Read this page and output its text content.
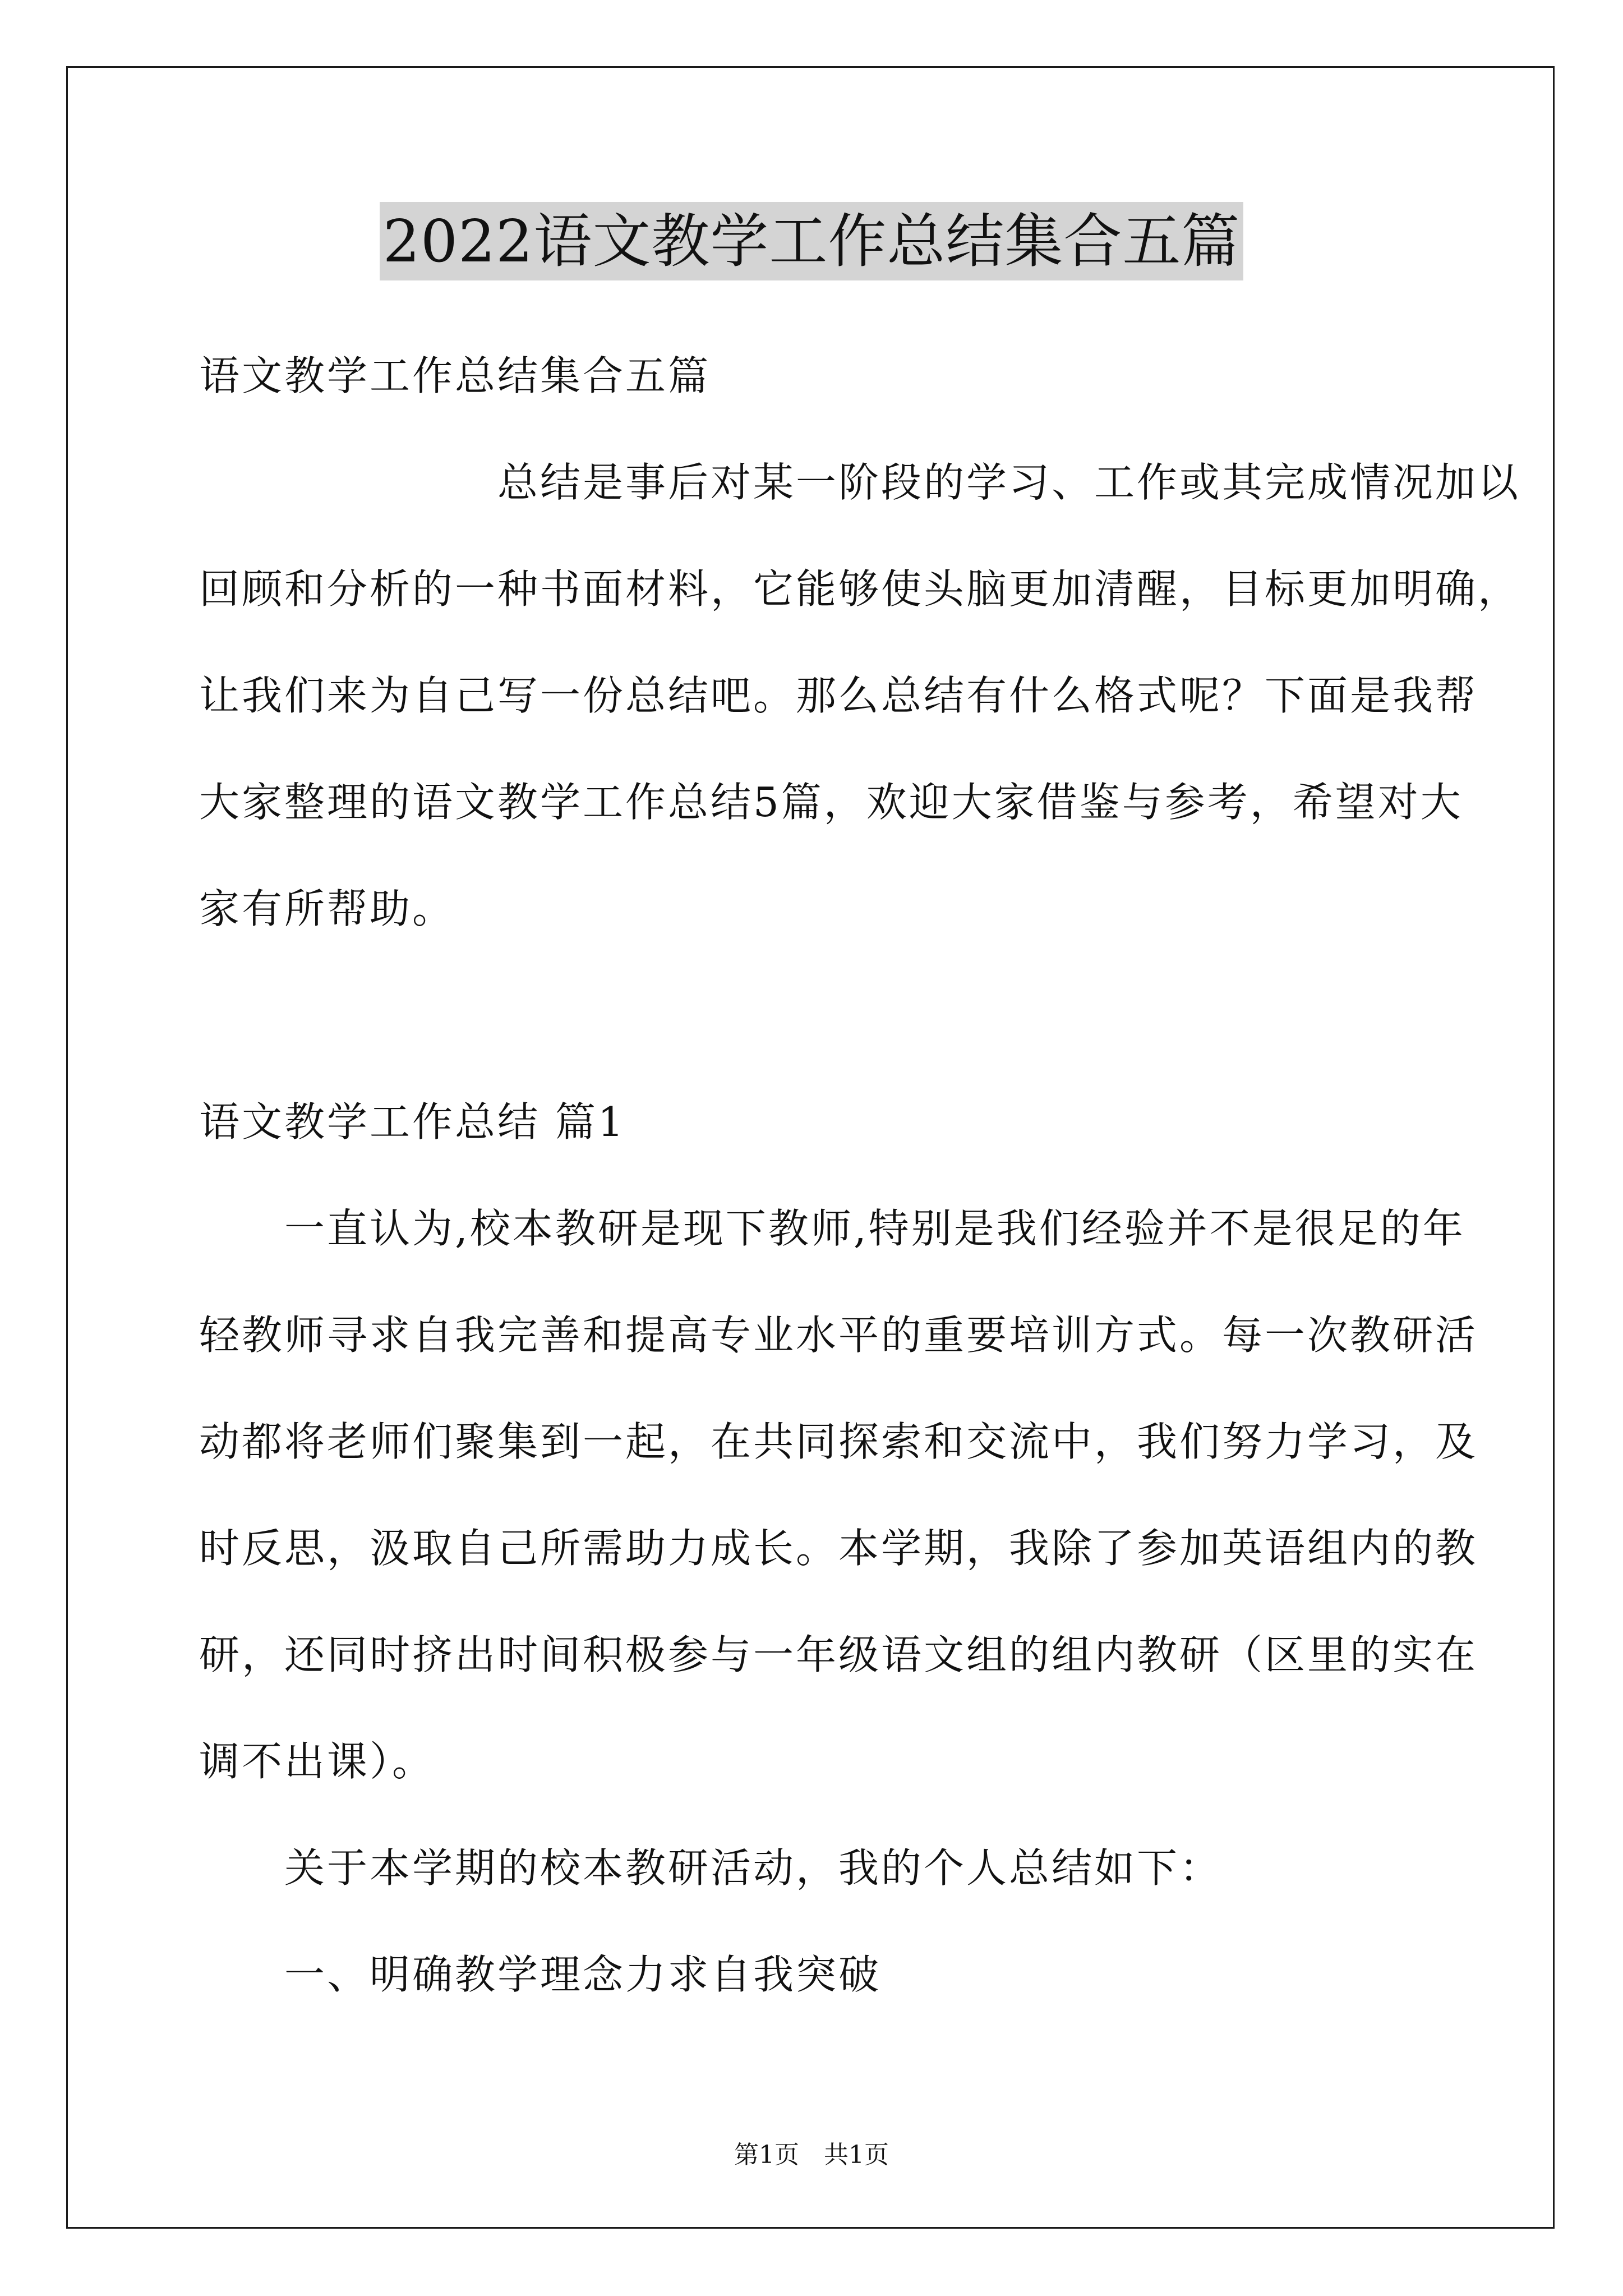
2022语文教学工作总结集合五篇
语文教学工作总结集合五篇
　　　　　　　总结是事后对某一阶段的学习、工作或其完成情况加以
回顾和分析的一种书面材料，它能够使头脑更加清醒，目标更加明确，
让我们来为自己写一份总结吧。那么总结有什么格式呢？下面是我帮
大家整理的语文教学工作总结5篇，欢迎大家借鉴与参考，希望对大
家有所帮助。
语文教学工作总结 篇1
　　一直认为,校本教研是现下教师,特别是我们经验并不是很足的年
轻教师寻求自我完善和提高专业水平的重要培训方式。每一次教研活
动都将老师们聚集到一起，在共同探索和交流中，我们努力学习，及
时反思，汲取自己所需助力成长。本学期，我除了参加英语组内的教
研，还同时挤出时间积极参与一年级语文组的组内教研（区里的实在
调不出课）。
　　关于本学期的校本教研活动，我的个人总结如下：
　　一、明确教学理念力求自我突破
第1页　共1页
